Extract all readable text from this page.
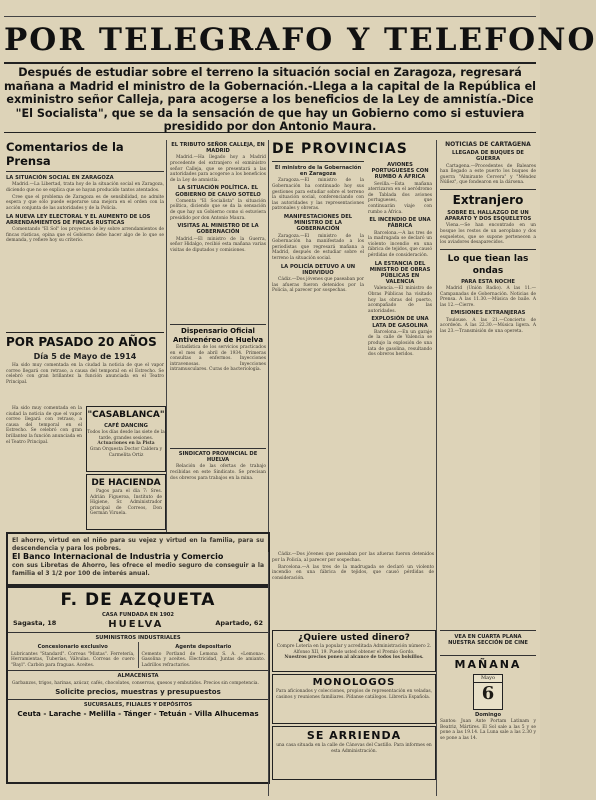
POR TELEGRAFO Y TELEFONO
Después de estudiar sobre el terreno la situación social en Zaragoza, regresará mañana a Madrid el ministro de la Gobernación.-Llega a la capital de la República el exministro señor Calleja, para acogerse a los beneficios de la Ley de amnistía.-Dice "El Socialista", que se da la sensación de que hay un Gobierno como si estuviera presidido por don Antonio Maura.
Comentarios de la Prensa
LA SITUACIÓN SOCIAL EN ZARAGOZA

Madrid.—La Libertad, trata hoy de la situación social en Zaragoza, diciendo que no se explica que se hayan producido tantos atentados.

Cree que el problema de Zaragoza es de sensibilidad, no admite espera y que sólo puede esperarse una mejora en el orden con la acción conjunta de las autoridades y de la Policía.

LA NUEVA LEY ELECTORAL Y EL AUMENTO DE LOS ARRENDAMIENTOS DE FINCAS RUSTICAS

Comentando "El Sol" los proyectos de ley sobre arrendamientos de fincas rústicas, opina que el Gobierno debe hacer algo de lo que se demanda, y refiere hoy su criterio.

EL TRIBUTO SEÑOR CALLEJA, EN MADRID

Madrid.—Ha llegado hoy a Madrid procedente del extranjero el exministro señor Calleja, que se presentará a las autoridades para acogerse a los beneficios de la Ley de amnistía.

LA SITUACIÓN POLÍTICA. EL GOBIERNO DE CALVO SOTELO

Comenta "El Socialista" la situación política, diciendo que se da la sensación de que hay un Gobierno como si estuviera presidido por don Antonio Maura.

VISITAS AL MINISTRO DE LA GOBERNACIÓN

Madrid.—El ministro de la Guerra, señor Hidalgo, recibió esta mañana varias visitas de diputados y comisiones.

DE PROVINCIAS
El ministro de la Gobernación en Zaragoza

Zaragoza.—El ministro de la Gobernación ha continuado hoy sus gestiones para estudiar sobre el terreno la situación social, conferenciando con las autoridades y las representaciones patronales y obreras.

MANIFESTACIONES DEL MINISTRO DE LA GOBERNACIÓN

Zaragoza.—El ministro de la Gobernación ha manifestado a los periodistas que regresará mañana a Madrid, después de estudiar sobre el terreno la situación social.

LA POLICÍA DETUVO A UN INDIVIDUO

Cádiz.—Dos jóvenes que paseaban por las afueras fueron detenidos por la Policía, al parecer por sospechas.

AVIONES PORTUGUESES CON RUMBO A ÁFRICA

Sevilla.—Esta mañana aterrizaron en el aeródromo de Tablada dos aviones portugueses, que continuarán viaje con rumbo a África.

EL INCENDIO DE UNA FÁBRICA

Barcelona.—A las tres de la madrugada se declaró un violento incendio en una fábrica de tejidos, que causó pérdidas de consideración.

LA ESTANCIA DEL MINISTRO DE OBRAS PÚBLICAS EN VALENCIA

Valencia.—El ministro de Obras Públicas ha visitado hoy las obras del puerto, acompañado de las autoridades.

EXPLOSIÓN DE UNA LATA DE GASOLINA

Barcelona.—En un garaje de la calle de Valencia se produjo la explosión de una lata de gasolina, resultando dos obreros heridos.

NOTICIAS DE CARTAGENA
LLEGADA DE BUQUES DE GUERRA

Cartagena.—Procedentes de Baleares han llegado a este puerto los buques de guerra "Almirante Cervera" y "Méndez Núñez", que fondearon en la dársena.

Extranjero
SOBRE EL HALLAZGO DE UN APARATO Y DOS ESQUELETOS

Viena.—Se han encontrado en un bosque los restos de un aeroplano y dos esqueletos, que se supone pertenecen a los aviadores desaparecidos.

Lo que tiean las ondas
PARA ESTA NOCHE

Madrid (Unión Radio). A las 11.—Campanadas de Gobernación. Noticias de Prensa. A las 11.30.—Música de baile. A las 12.—Cierre.

EMISIONES EXTRANJERAS

Toulouse. A las 21.—Concierto de acordeón. A las 22.30.—Música ligera. A las 23.—Transmisión de una opereta.

POR PASADO 20 AÑOS
Día 5 de Mayo de 1914

Ha sido muy comentada en la ciudad la noticia de que el vapor correo llegará con retraso, a causa del temporal en el Estrecho. Se celebró con gran brillantez la función anunciada en el Teatro Principal.

"CASABLANCA"
CAFÉ DANCING
Todos los días desde las siete de la tarde, grandes sesiones.
Actuaciones en la Pista
Gran Orquesta Doctor Caldera y Carmelita Ortiz

Ha sido muy comentada en la ciudad la noticia de que el vapor correo llegará con retraso, a causa del temporal en el Estrecho. Se celebró con gran brillantez la función anunciada en el Teatro Principal.

DE HACIENDA

Pagos para el día 7: Sres. Adrián Figueroa, Instituto de Higiene, Sr. Administrador principal de Correos, Don Germán Viruela.

Dispensario Oficial Antivenéreo de Huelva

Estadística de los servicios practicados en el mes de abril de 1934. Primeras consultas a enfermos. Inyecciones intravenosas. Inyecciones intramusculares. Curas de bacteriología.

SINDICATO PROVINCIAL DE HUELVA

Relación de las ofertas de trabajo recibidas en este Sindicato. Se precisan dos obreros para trabajos en la mina.

El ahorro, virtud en el niño para su vejez y virtud en la familia, para su descendencia y para los pobres.
El Banco Internacional de Industria y Comercio
con sus Libretas de Ahorro, les ofrece el medio seguro de conseguir a la familia el 3 1/2 por 100 de interés anual.
F. DE AZQUETA
CASA FUNDADA EN 1902
Sagasta, 18	HUELVA	Apartado, 62
SUMINISTROS INDUSTRIALES
Concesionario exclusivo
Lubricantes "Standard". Correas "Mixtas". Ferretería, Herramientas, Tuberías, Válvulas. Correas de cuero "Bayl". Carbón para fraguas. Aceites.
Agente depositario
Cemento Portland de Lemona S. A. «Lemona». Gasolina y aceites. Electricidad, Juntas de amianto. Ladrillos refractarios.
ALMACENISTA
Garbanzos, trigos, harinas, azúcar, cafés, chocolates, conservas, quesos y embutidos. Precios sin competencia.
Solicite precios, muestras y presupuestos
SUCURSALES, FILIALES Y DEPÓSITOS
Ceuta - Larache - Melilla - Tánger - Tetuán - Villa Alhucemas

Cádiz.—Dos jóvenes que paseaban por las afueras fueron detenidos por la Policía, al parecer por sospechas.

Barcelona.—A las tres de la madrugada se declaró un violento incendio en una fábrica de tejidos, que causó pérdidas de consideración.

¿Quiere usted dinero?
Compre Lotería en la popular y acreditada Administración número 2. Alfonso XII, 19. Puede usted obtener el Premio Gordo.
Nuestros precios ponen al alcance de todos los bolsillos.
MONOLOGOS
Para aficionados y colecciones, propios de representación en veladas, casinos y reuniones familiares. Pídanse catálogos. Librería Española.
SE ARRIENDA
una casa situada en la calle de Cánovas del Castillo. Para informes en esta Administración.
VEA EN CUARTA PLANA NUESTRA SECCIÓN DE CINE
MAÑANA
Mayo
6
Domingo
Santos: Juan Ante Portam Latinam y Beatriz, Mártires. El Sol sale a las 5 y se pone a las 19.14. La Luna sale a las 2.30 y se pone a las 14.
